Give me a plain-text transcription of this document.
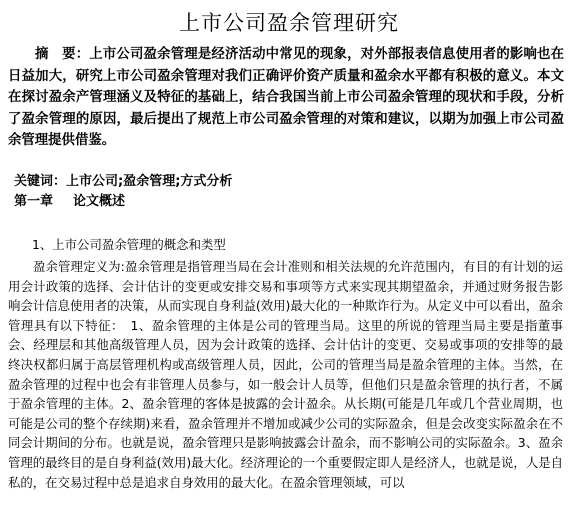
上市公司盈余管理研究

摘　要：上市公司盈余管理是经济活动中常见的现象，对外部报表信息使用者的影响也在日益加大，研究上市公司盈余管理对我们正确评价资产质量和盈余水平都有积极的意义。本文在探讨盈余产管理涵义及特征的基础上，结合我国当前上市公司盈余管理的现状和手段，分析了盈余管理的原因，最后提出了规范上市公司盈余管理的对策和建议，以期为加强上市公司盈余管理提供借鉴。

关键词：上市公司;盈余管理;方式分析
第一章 论文概述
1、上市公司盈余管理的概念和类型

盈余管理定义为:盈余管理是指管理当局在会计准则和相关法规的允许范围内，有目的有计划的运用会计政策的选择、会计估计的变更或安排交易和事项等方式来实现其期望盈余，并通过财务报告影响会计信息使用者的决策，从而实现自身利益(效用)最大化的一种欺诈行为。从定义中可以看出，盈余管理具有以下特征：　1、盈余管理的主体是公司的管理当局。这里的所说的管理当局主要是指董事会、经理层和其他高级管理人员，因为会计政策的选择、会计估计的变更、交易或事项的安排等的最终决权都归属于高层管理机构或高级管理人员，因此，公司的管理当局是盈余管理的主体。当然，在盈余管理的过程中也会有非管理人员参与，如一般会计人员等，但他们只是盈余管理的执行者，不属于盈余管理的主体。2、盈余管理的客体是披露的会计盈余。从长期(可能是几年或几个营业周期，也可能是公司的整个存续期)来看，盈余管理并不增加或减少公司的实际盈余，但是会改变实际盈余在不同会计期间的分布。也就是说，盈余管理只是影响披露会计盈余，而不影响公司的实际盈余。3、盈余管理的最终目的是自身利益(效用)最大化。经济理论的一个重要假定即人是经济人，也就是说，人是自私的，在交易过程中总是追求自身效用的最大化。在盈余管理领域，可以
